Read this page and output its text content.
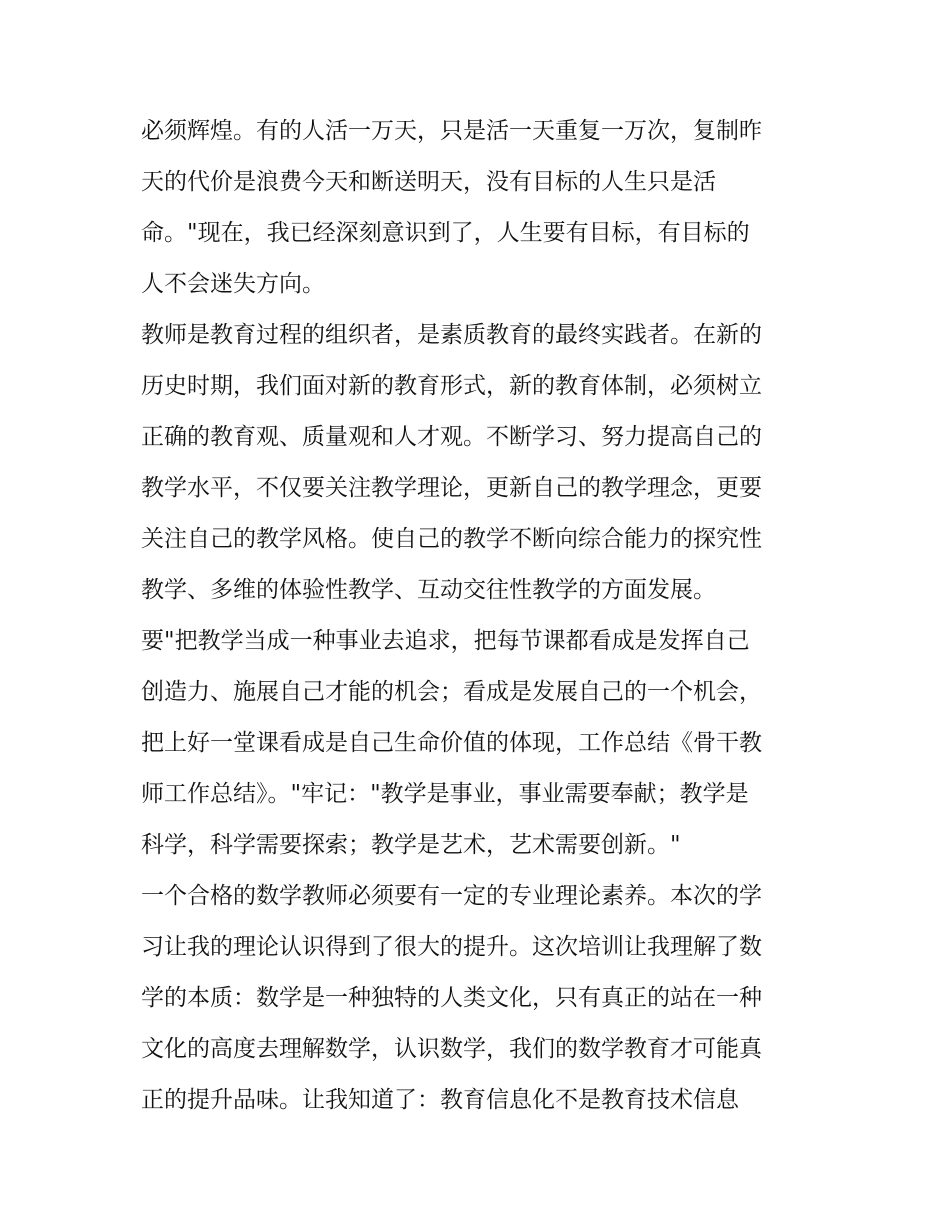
必须辉煌。有的人活一万天，只是活一天重复一万次，复制昨
天的代价是浪费今天和断送明天，没有目标的人生只是活
命。"现在，我已经深刻意识到了，人生要有目标，有目标的
人不会迷失方向。
教师是教育过程的组织者，是素质教育的最终实践者。在新的
历史时期，我们面对新的教育形式，新的教育体制，必须树立
正确的教育观、质量观和人才观。不断学习、努力提高自己的
教学水平，不仅要关注教学理论，更新自己的教学理念，更要
关注自己的教学风格。使自己的教学不断向综合能力的探究性
教学、多维的体验性教学、互动交往性教学的方面发展。
要"把教学当成一种事业去追求，把每节课都看成是发挥自己
创造力、施展自己才能的机会；看成是发展自己的一个机会，
把上好一堂课看成是自己生命价值的体现，工作总结《骨干教
师工作总结》。"牢记："教学是事业，事业需要奉献；教学是
科学，科学需要探索；教学是艺术，艺术需要创新。"
一个合格的数学教师必须要有一定的专业理论素养。本次的学
习让我的理论认识得到了很大的提升。这次培训让我理解了数
学的本质：数学是一种独特的人类文化，只有真正的站在一种
文化的高度去理解数学，认识数学，我们的数学教育才可能真
正的提升品味。让我知道了：教育信息化不是教育技术信息
